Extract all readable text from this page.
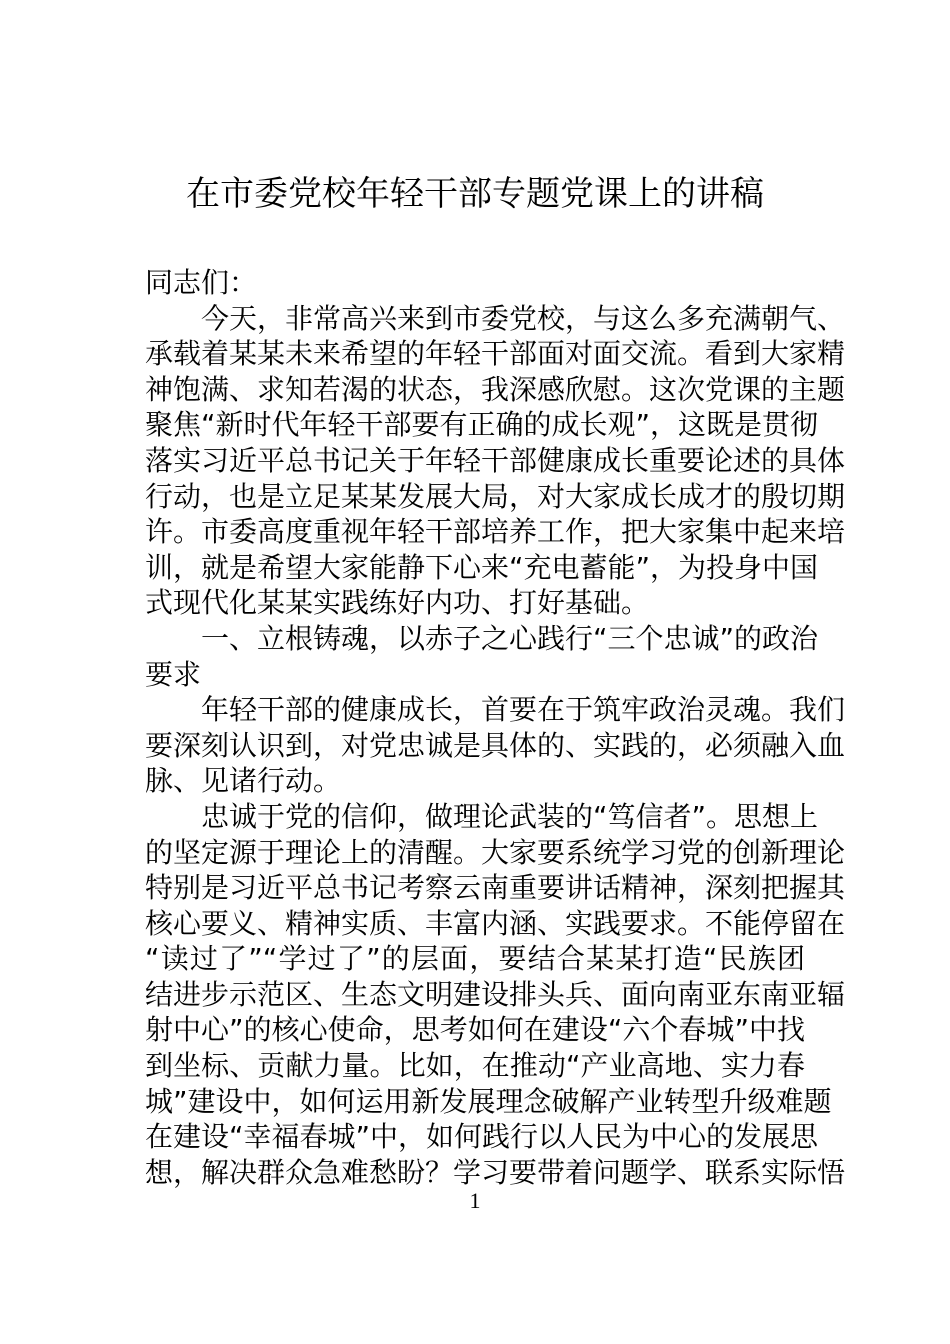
在市委党校年轻干部专题党课上的讲稿
同志们：
今天，非常高兴来到市委党校，与这么多充满朝气、
承载着某某未来希望的年轻干部面对面交流。看到大家精
神饱满、求知若渴的状态，我深感欣慰。这次党课的主题
聚焦“新时代年轻干部要有正确的成长观”，这既是贯彻
落实习近平总书记关于年轻干部健康成长重要论述的具体
行动，也是立足某某发展大局，对大家成长成才的殷切期
许。市委高度重视年轻干部培养工作，把大家集中起来培
训，就是希望大家能静下心来“充电蓄能”，为投身中国
式现代化某某实践练好内功、打好基础。
一、立根铸魂，以赤子之心践行“三个忠诚”的政治
要求
年轻干部的健康成长，首要在于筑牢政治灵魂。我们
要深刻认识到，对党忠诚是具体的、实践的，必须融入血
脉、见诸行动。
忠诚于党的信仰，做理论武装的“笃信者”。思想上
的坚定源于理论上的清醒。大家要系统学习党的创新理论
特别是习近平总书记考察云南重要讲话精神，深刻把握其
核心要义、精神实质、丰富内涵、实践要求。不能停留在
“读过了”“学过了”的层面，要结合某某打造“民族团
结进步示范区、生态文明建设排头兵、面向南亚东南亚辐
射中心”的核心使命，思考如何在建设“六个春城”中找
到坐标、贡献力量。比如，在推动“产业高地、实力春
城”建设中，如何运用新发展理念破解产业转型升级难题
在建设“幸福春城”中，如何践行以人民为中心的发展思
想，解决群众急难愁盼？学习要带着问题学、联系实际悟
1
